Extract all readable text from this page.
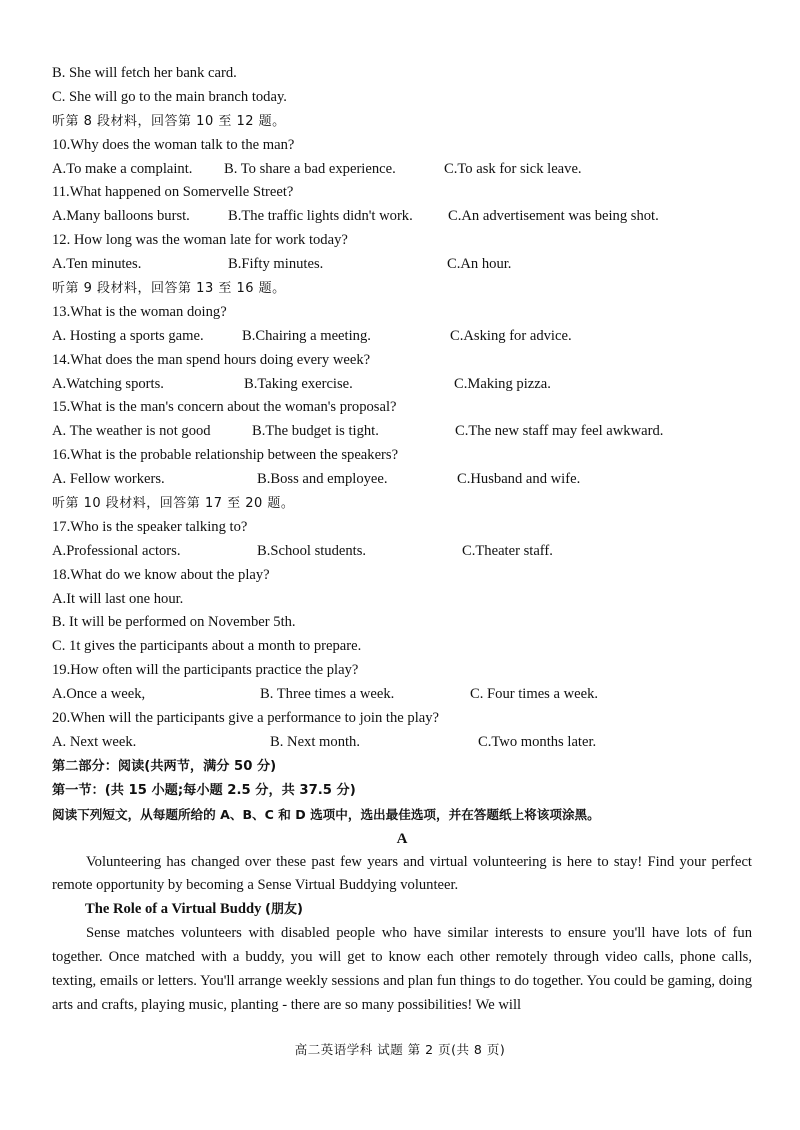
B. She will fetch her bank card.
C. She will go to the main branch today.
听第 8 段材料，回答第 10 至 12 题。
10.Why does the woman talk to the man?
A.To make a complaint. B. To share a bad experience.	C.To ask for sick leave.
11.What happened on Somervelle Street?
A.Many balloons burst.	B.The traffic lights didn't work. C.An advertisement was being shot.
12. How long was the woman late for work today?
A.Ten minutes.	B.Fifty minutes.	C.An hour.
听第 9 段材料，回答第 13 至 16 题。
13.What is the woman doing?
A. Hosting a sports game.	B.Chairing a meeting.	C.Asking for advice.
14.What does the man spend hours doing every week?
A.Watching sports.	B.Taking exercise.	C.Making pizza.
15.What is the man's concern about the woman's proposal?
A. The weather is not good	B.The budget is tight.	C.The new staff may feel awkward.
16.What is the probable relationship between the speakers?
A. Fellow workers.	B.Boss and employee.	C.Husband and wife.
听第 10 段材料，回答第 17 至 20 题。
17.Who is the speaker talking to?
A.Professional actors.	B.School students.	C.Theater staff.
18.What do we know about the play?
A.It will last one hour.
B. It will be performed on November 5th.
C. 1t gives the participants about a month to prepare.
19.How often will the participants practice the play?
A.Once a week,	B. Three times a week.	C. Four times a week.
20.When will the participants give a performance to join the play?
A. Next week.	B. Next month.	C.Two months later.
第二部分：阅读(共两节，满分 50 分)
第一节：(共 15 小题;每小题 2.5 分，共 37.5 分)
阅读下列短文，从每题所给的 A、B、C 和 D 选项中，选出最佳选项，并在答题纸上将该项涂黑。
A

Volunteering has changed over these past few years and virtual volunteering is here to stay! Find your perfect remote opportunity by becoming a Sense Virtual Buddying volunteer.

The Role of a Virtual Buddy (朋友)

Sense matches volunteers with disabled people who have similar interests to ensure you'll have lots of fun together. Once matched with a buddy, you will get to know each other remotely through video calls, phone calls, texting, emails or letters. You'll arrange weekly sessions and plan fun things to do together. You could be gaming, doing arts and crafts, playing music, planting - there are so many possibilities! We will

高二英语学科 试题 第 2 页(共 8 页)
